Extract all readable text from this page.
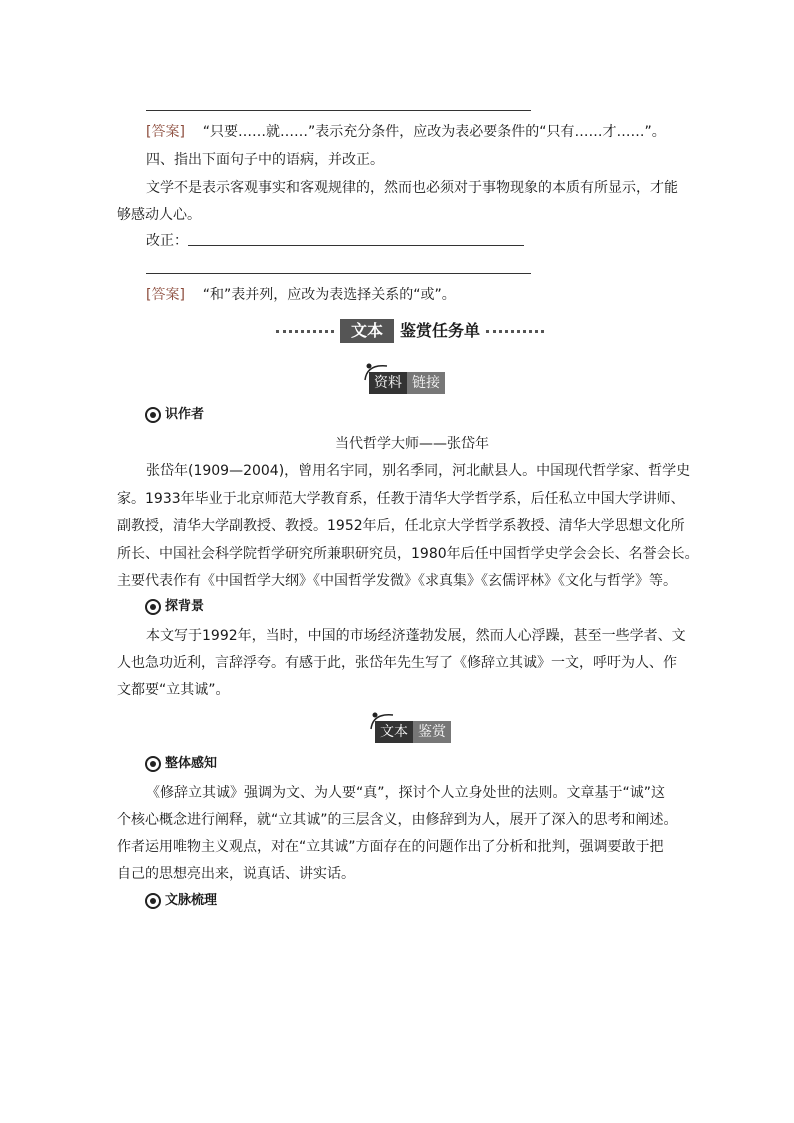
[答案] “只要……就……”表示充分条件，应改为表必要条件的“只有……才……”。
四、指出下面句子中的语病，并改正。
文学不是表示客观事实和客观规律的，然而也必须对于事物现象的本质有所显示，才能
够感动人心。
改正：
[答案] “和”表并列，应改为表选择关系的“或”。
文本	鉴赏任务单
资料 链接
识作者
当代哲学大师——张岱年
张岱年(1909—2004)，曾用名宇同，别名季同，河北献县人。中国现代哲学家、哲学史
家。1933年毕业于北京师范大学教育系，任教于清华大学哲学系，后任私立中国大学讲师、
副教授，清华大学副教授、教授。1952年后，任北京大学哲学系教授、清华大学思想文化所
所长、中国社会科学院哲学研究所兼职研究员，1980年后任中国哲学史学会会长、名誉会长。
主要代表作有《中国哲学大纲》《中国哲学发微》《求真集》《玄儒评林》《文化与哲学》等。
探背景
本文写于1992年，当时，中国的市场经济蓬勃发展，然而人心浮躁，甚至一些学者、文
人也急功近利，言辞浮夸。有感于此，张岱年先生写了《修辞立其诚》一文，呼吁为人、作
文都要“立其诚”。
文本 鉴赏
整体感知
《修辞立其诚》强调为文、为人要“真”，探讨个人立身处世的法则。文章基于“诚”这
个核心概念进行阐释，就“立其诚”的三层含义，由修辞到为人，展开了深入的思考和阐述。
作者运用唯物主义观点，对在“立其诚”方面存在的问题作出了分析和批判，强调要敢于把
自己的思想亮出来，说真话、讲实话。
文脉梳理
